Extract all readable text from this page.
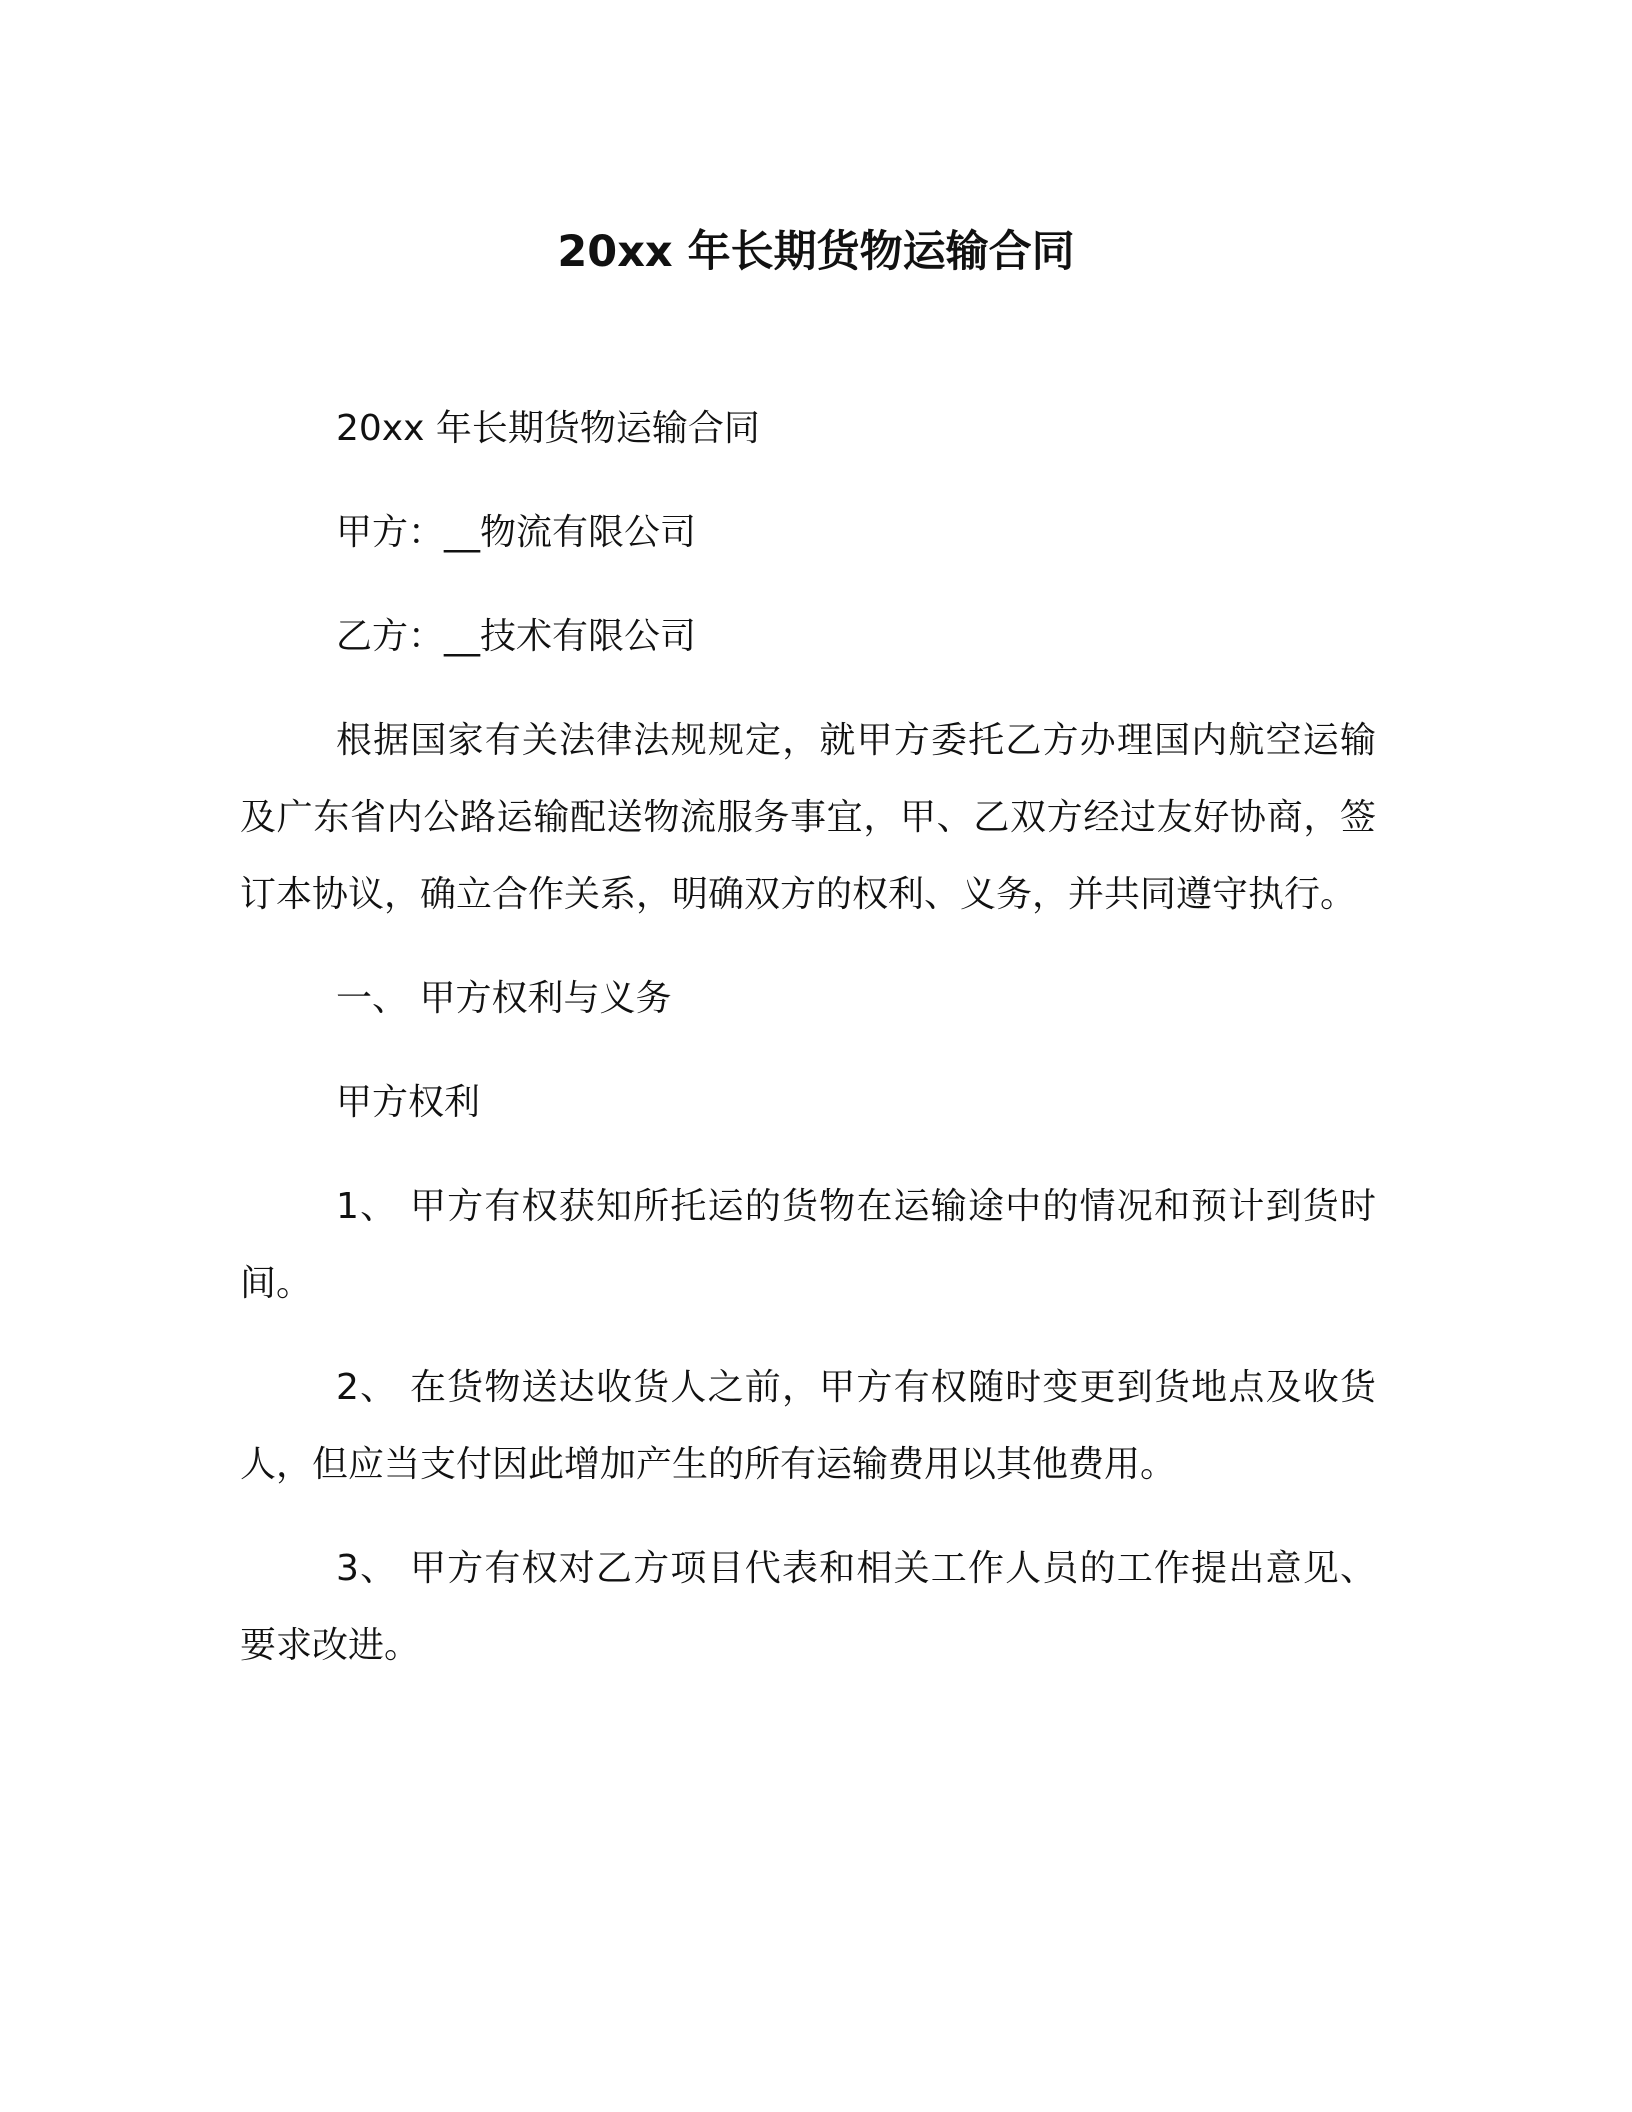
20xx 年长期货物运输合同

20xx 年长期货物运输合同

甲方：__物流有限公司

乙方：__技术有限公司

根据国家有关法律法规规定，就甲方委托乙方办理国内航空运输及广东省内公路运输配送物流服务事宜，甲、乙双方经过友好协商，签订本协议，确立合作关系，明确双方的权利、义务，并共同遵守执行。

一、 甲方权利与义务

甲方权利

1、 甲方有权获知所托运的货物在运输途中的情况和预计到货时间。

2、 在货物送达收货人之前，甲方有权随时变更到货地点及收货人，但应当支付因此增加产生的所有运输费用以其他费用。

3、 甲方有权对乙方项目代表和相关工作人员的工作提出意见、要求改进。
